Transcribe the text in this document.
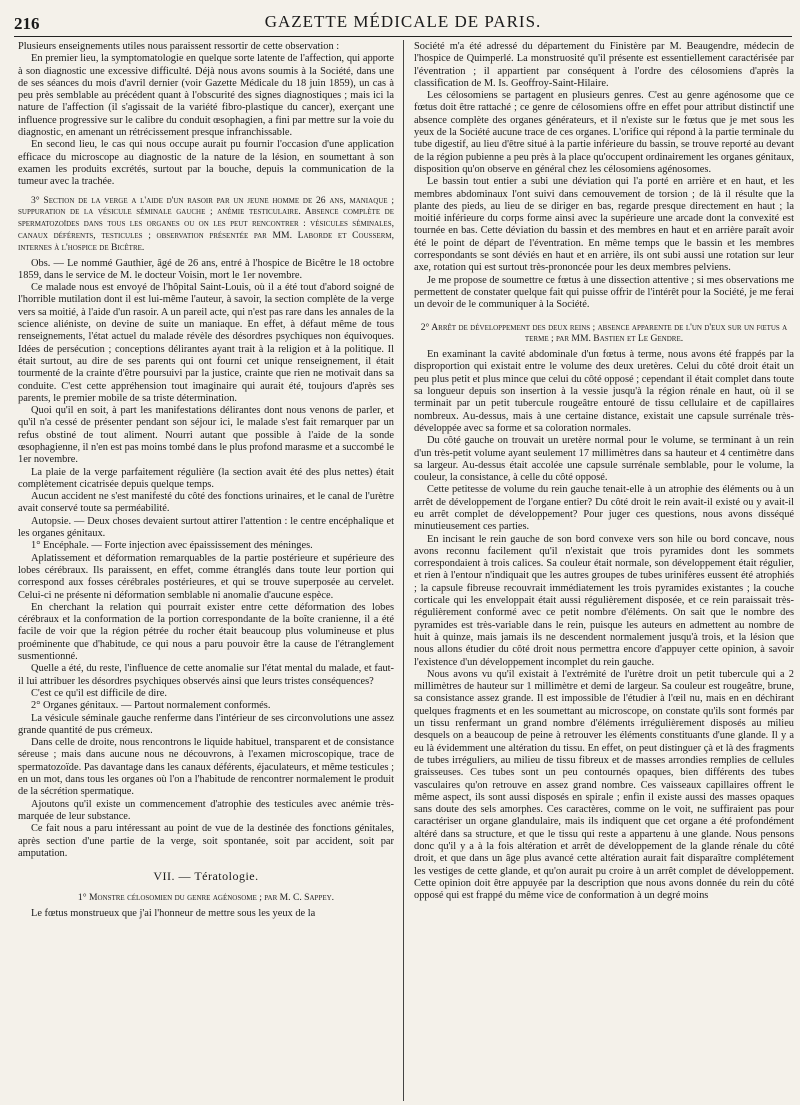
216	GAZETTE MÉDICALE DE PARIS.

Plusieurs enseignements utiles nous paraissent ressortir de cette observation :

En premier lieu, la symptomatologie en quelque sorte latente de l'affection, qui apporte à son diagnostic une excessive difficulté. Déjà nous avons soumis à la Société, dans une de ses séances du mois d'avril dernier (voir Gazette Médicale du 18 juin 1859), un cas à peu près semblable au précédent quant à l'obscurité des signes diagnostiques ; mais ici la nature de l'affection (il s'agissait de la variété fibro-plastique du cancer), exerçant une influence progressive sur le calibre du conduit œsophagien, a fini par mettre sur la voie du diagnostic, en amenant un rétrécissement presque infranchissable.

En second lieu, le cas qui nous occupe aurait pu fournir l'occasion d'une application efficace du microscope au diagnostic de la nature de la lésion, en soumettant à son examen les produits excrétés, surtout par la bouche, depuis la communication de la tumeur avec la trachée.

3° Section de la verge a l'aide d'un rasoir par un jeune homme de 26 ans, maniaque ; suppuration de la vésicule séminale gauche ; anémie testiculaire. Absence complète de spermatozoïdes dans tous les organes ou on les peut rencontrer : vésicules séminales, canaux déférents, testicules ; observation présentée par MM. Laborde et Cousserm, internes à l'hospice de Bicêtre.

Obs. — Le nommé Gauthier, âgé de 26 ans, entré à l'hospice de Bicêtre le 18 octobre 1859, dans le service de M. le docteur Voisin, mort le 1er novembre.

Ce malade nous est envoyé de l'hôpital Saint-Louis, où il a été tout d'abord soigné de l'horrible mutilation dont il est lui-même l'auteur, à savoir, la section complète de la verge vers sa moitié, à l'aide d'un rasoir. A un pareil acte, qui n'est pas rare dans les annales de la science aliéniste, on devine de suite un maniaque. En effet, à défaut même de tous renseignements, l'état actuel du malade révèle des désordres psychiques non équivoques. Idées de persécution ; conceptions délirantes ayant trait à la religion et à la politique. Il était surtout, au dire de ses parents qui ont fourni cet unique renseignement, il était tourmenté de la crainte d'être poursuivi par la justice, crainte que rien ne motivait dans sa conduite. C'est cette appréhension tout imaginaire qui aurait été, toujours d'après ses parents, le premier mobile de sa triste détermination.

Quoi qu'il en soit, à part les manifestations délirantes dont nous venons de parler, et qu'il n'a cessé de présenter pendant son séjour ici, le malade s'est fait remarquer par un refus obstiné de tout aliment. Nourri autant que possible à l'aide de la sonde œsophagienne, il n'en est pas moins tombé dans le plus profond marasme et a succombé le 1er novembre.

La plaie de la verge parfaitement régulière (la section avait été des plus nettes) était complètement cicatrisée depuis quelque temps.

Aucun accident ne s'est manifesté du côté des fonctions urinaires, et le canal de l'urètre avait conservé toute sa perméabilité.

Autopsie. — Deux choses devaient surtout attirer l'attention : le centre encéphalique et les organes génitaux.

1° Encéphale. — Forte injection avec épaississement des méninges.

Aplatissement et déformation remarquables de la partie postérieure et supérieure des lobes cérébraux. Ils paraissent, en effet, comme étranglés dans toute leur portion qui correspond aux fosses cérébrales postérieures, et qui se trouve superposée au cervelet. Celui-ci ne présente ni déformation semblable ni anomalie d'aucune espèce.

En cherchant la relation qui pourrait exister entre cette déformation des lobes cérébraux et la conformation de la portion correspondante de la boîte cranienne, il a été facile de voir que la région pétrée du rocher était beaucoup plus volumineuse et plus proéminente que d'habitude, ce qui nous a paru pouvoir être la cause de l'étranglement susmentionné.

Quelle a été, du reste, l'influence de cette anomalie sur l'état mental du malade, et faut-il lui attribuer les désordres psychiques observés ainsi que leurs tristes conséquences?

C'est ce qu'il est difficile de dire.

2° Organes génitaux. — Partout normalement conformés.

La vésicule séminale gauche renferme dans l'intérieur de ses circonvolutions une assez grande quantité de pus crémeux.

Dans celle de droite, nous rencontrons le liquide habituel, transparent et de consistance séreuse ; mais dans aucune nous ne découvrons, à l'examen microscopique, trace de spermatozoïde. Pas davantage dans les canaux déférents, éjaculateurs, et même testicules ; en un mot, dans tous les organes où l'on a l'habitude de rencontrer normalement le produit de la sécrétion spermatique.

Ajoutons qu'il existe un commencement d'atrophie des testicules avec anémie très-marquée de leur substance.

Ce fait nous a paru intéressant au point de vue de la destinée des fonctions génitales, après section d'une partie de la verge, soit spontanée, soit par accident, soit par amputation.

VII. — Tératologie.
1° Monstre célosomien du genre agénosome ; par M. C. Sappey.

Le fœtus monstrueux que j'ai l'honneur de mettre sous les yeux de la

Société m'a été adressé du département du Finistère par M. Beaugendre, médecin de l'hospice de Quimperlé. La monstruosité qu'il présente est essentiellement caractérisée par l'éventration ; il appartient par conséquent à l'ordre des célosomiens d'après la classification de M. Is. Geoffroy-Saint-Hilaire.

Les célosomiens se partagent en plusieurs genres. C'est au genre agénosome que ce fœtus doit être rattaché ; ce genre de célosomiens offre en effet pour attribut distinctif une absence complète des organes générateurs, et il n'existe sur le fœtus que je met sous les yeux de la Société aucune trace de ces organes. L'orifice qui répond à la partie terminale du tube digestif, au lieu d'être situé à la partie inférieure du bassin, se trouve reporté au devant de la région pubienne a peu près à la place qu'occupent ordinairement les organes génitaux, disposition qu'on observe en général chez les célosomiens agénosomes.

Le bassin tout entier a subi une déviation qui l'a porté en arrière et en haut, et les membres abdominaux l'ont suivi dans cemouvement de torsion ; de là il résulte que la plante des pieds, au lieu de se diriger en bas, regarde presque directement en haut ; la moitié inférieure du corps forme ainsi avec la supérieure une arcade dont la convexité est tournée en bas. Cette déviation du bassin et des membres en haut et en arrière paraît avoir été le point de départ de l'éventration. En même temps que le bassin et les membres correspondants se sont déviés en haut et en arrière, ils ont subi aussi une rotation sur leur axe, rotation qui est surtout très-prononcée pour les deux membres pelviens.

Je me propose de soumettre ce fœtus à une dissection attentive ; si mes observations me permettent de constater quelque fait qui puisse offrir de l'intérêt pour la Société, je me ferai un devoir de le communiquer à la Société.

2° Arrêt de développement des deux reins ; absence apparente de l'un d'eux sur un fœtus a terme ; par MM. Bastien et Le Gendre.

En examinant la cavité abdominale d'un fœtus à terme, nous avons été frappés par la disproportion qui existait entre le volume des deux uretères. Celui du côté droit était un peu plus petit et plus mince que celui du côté opposé ; cependant il était complet dans toute sa longueur depuis son insertion à la vessie jusqu'à la région rénale en haut, où il se terminait par un petit tubercule rougeâtre entouré de tissu cellulaire et de capillaires nombreux. Au-dessus, mais à une certaine distance, existait une capsule surrénale très-développée avec sa forme et sa coloration normales.

Du côté gauche on trouvait un uretère normal pour le volume, se terminant à un rein d'un très-petit volume ayant seulement 17 millimètres dans sa hauteur et 4 centimètre dans sa largeur. Au-dessus était accolée une capsule surrénale semblable, pour le volume, la couleur, la consistance, à celle du côté opposé.

Cette petitesse de volume du rein gauche tenait-elle à un atrophie des éléments ou à un arrêt de développement de l'organe entier? Du côté droit le rein avait-il existé ou y avait-il eu arrêt complet de développement? Pour juger ces questions, nous avons disséqué minutieusement ces parties.

En incisant le rein gauche de son bord convexe vers son hile ou bord concave, nous avons reconnu facilement qu'il n'existait que trois pyramides dont les sommets correspondaient à trois calices. Sa couleur était normale, son développement était régulier, et rien à l'entour n'indiquait que les autres groupes de tubes urinifères eussent été atrophiés ; la capsule fibreuse recouvrait immédiatement les trois pyramides existantes ; la couche corticale qui les enveloppait était aussi régulièrement disposée, et ce rein paraissait très-régulièrement conformé avec ce petit nombre d'éléments. On sait que le nombre des pyramides est très-variable dans le rein, puisque les auteurs en admettent au nombre de huit à quinze, mais jamais ils ne descendent normalement jusqu'à trois, et la lésion que nous allons étudier du côté droit nous permettra encore d'appuyer cette opinion, à savoir l'existence d'un développement incomplet du rein gauche.

Nous avons vu qu'il existait à l'extrémité de l'urètre droit un petit tubercule qui a 2 millimètres de hauteur sur 1 millimètre et demi de largeur. Sa couleur est rougeâtre, brune, sa consistance assez grande. Il est impossible de l'étudier à l'œil nu, mais en en déchirant quelques fragments et en les soumettant au microscope, on constate qu'ils sont formés par un tissu renfermant un grand nombre d'éléments irrégulièrement disposés au milieu desquels on a beaucoup de peine à retrouver les éléments constituants d'une glande. Il y a eu là évidemment une altération du tissu. En effet, on peut distinguer çà et là des fragments de tubes irréguliers, au milieu de tissu fibreux et de masses arrondies remplies de cellules graisseuses. Ces tubes sont un peu contournés opaques, bien différents des tubes vasculaires qu'on retrouve en assez grand nombre. Ces vaisseaux capillaires offrent le même aspect, ils sont aussi disposés en spirale ; enfin il existe aussi des masses opaques sans doute des sels amorphes. Ces caractères, comme on le voit, ne suffiraient pas pour caractériser un organe glandulaire, mais ils indiquent que cet organe a été profondément altéré dans sa structure, et que le tissu qui reste a appartenu à une glande. Nous pensons donc qu'il y a à la fois altération et arrêt de développement de la glande rénale du côté droit, et que dans un âge plus avancé cette altération aurait fait disparaître complétement les vestiges de cette glande, et qu'on aurait pu croire à un arrêt complet de développement. Cette opinion doit être appuyée par la description que nous avons donnée du rein du côté opposé qui est frappé du même vice de conformation à un degré moins
